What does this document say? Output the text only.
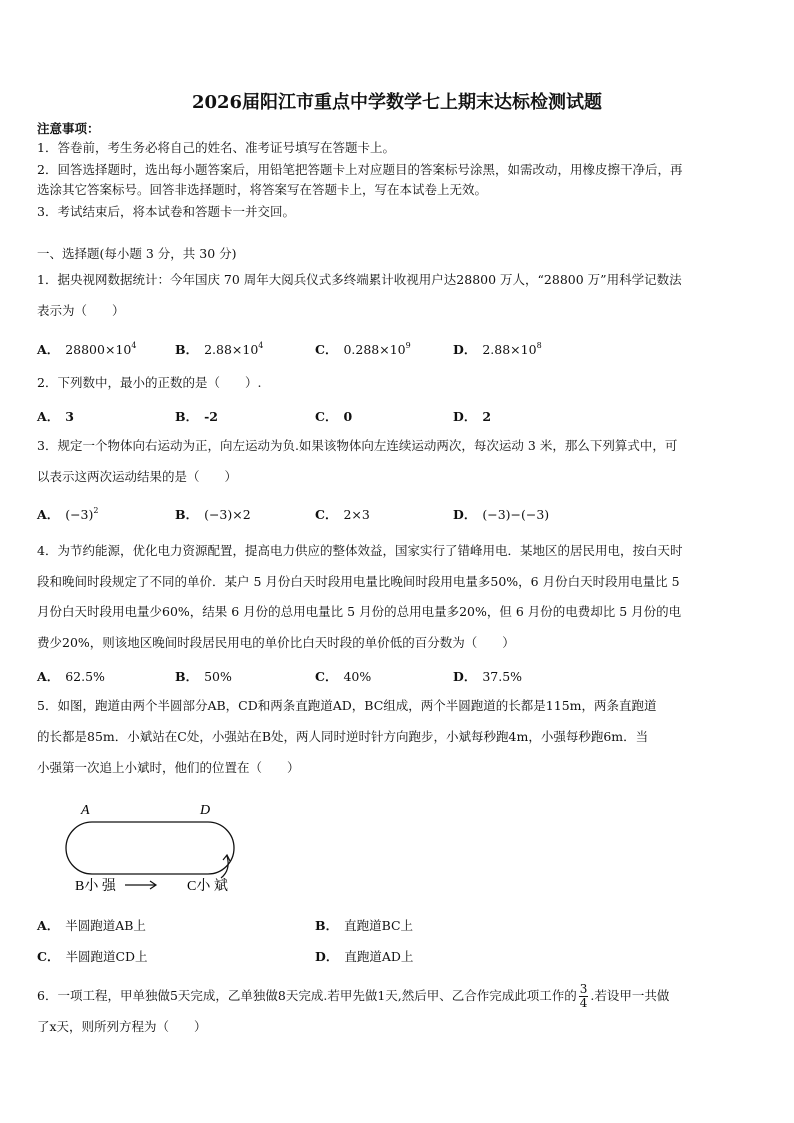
2026届阳江市重点中学数学七上期末达标检测试题
注意事项：
1．答卷前，考生务必将自己的姓名、准考证号填写在答题卡上。
2．回答选择题时，选出每小题答案后，用铅笔把答题卡上对应题目的答案标号涂黑，如需改动，用橡皮擦干净后，再
选涂其它答案标号。回答非选择题时，将答案写在答题卡上，写在本试卷上无效。
3．考试结束后，将本试卷和答题卡一并交回。
一、选择题(每小题 3 分，共 30 分)
1．据央视网数据统计：今年国庆 70 周年大阅兵仪式多终端累计收视用户达28800 万人，“28800 万”用科学记数法
表示为（　　）
A． $28800\times 10^4$	B． $2.88\times 10^4$	C． $0.288\times 10^9$	D． $2.88\times 10^8$
2．下列数中，最小的正数的是（　　）.
A． 3	B． -2	C． 0	D． 2
3．规定一个物体向右运动为正，向左运动为负.如果该物体向左连续运动两次，每次运动 3 米，那么下列算式中，可
以表示这两次运动结果的是（　　）
A． $(-3)^2$	B． (−3)×2	C． 2×3	D． (−3)−(−3)
4．为节约能源，优化电力资源配置，提高电力供应的整体效益，国家实行了错峰用电．某地区的居民用电，按白天时
段和晚间时段规定了不同的单价．某户 5 月份白天时段用电量比晚间时段用电量多50%，6 月份白天时段用电量比 5
月份白天时段用电量少60%，结果 6 月份的总用电量比 5 月份的总用电量多20%，但 6 月份的电费却比 5 月份的电
费少20%，则该地区晚间时段居民用电的单价比白天时段的单价低的百分数为（　　）
A． 62.5%	B． 50%	C． 40%	D． 37.5%
5．如图，跑道由两个半圆部分AB，CD和两条直跑道AD，BC组成，两个半圆跑道的长都是115m，两条直跑道
的长都是85m．小斌站在C处，小强站在B处，两人同时逆时针方向跑步，小斌每秒跑4m，小强每秒跑6m．当
小强第一次追上小斌时，他们的位置在（　　）
A	D
B小 强	C小 斌
A． 半圆跑道AB上	B． 直跑道BC上
C． 半圆跑道CD上	D． 直跑道AD上
6．一项工程，甲单独做5天完成，乙单独做8天完成.若甲先做1天,然后甲、乙合作完成此项工作的 $\frac{3}{4}$ .若设甲一共做
了x天，则所列方程为（　　）
